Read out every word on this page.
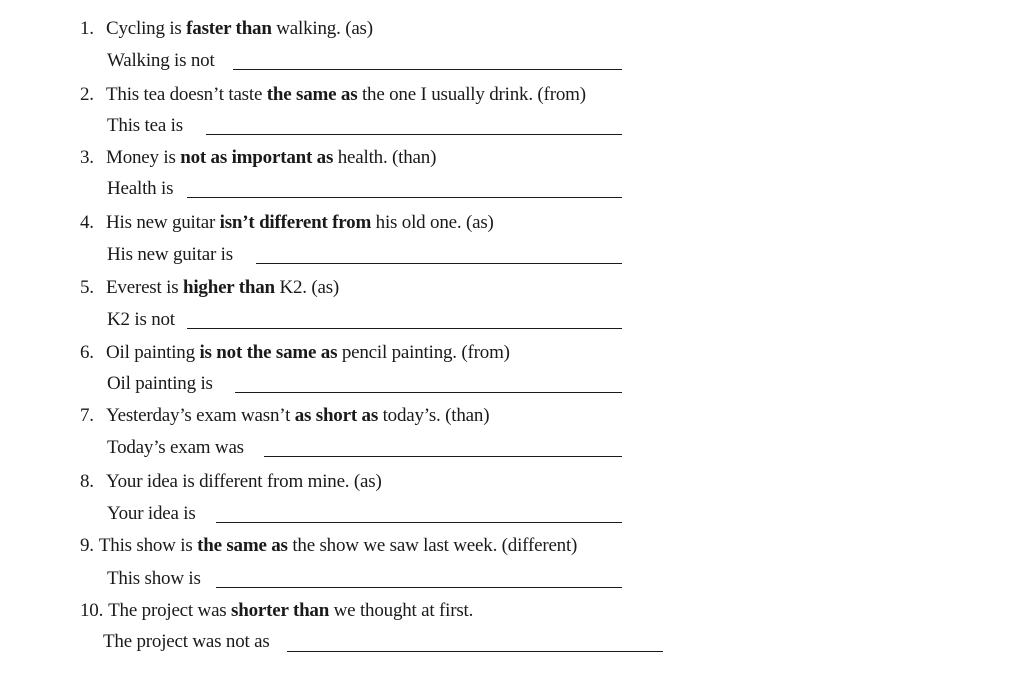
1. Cycling is faster than walking. (as)
Walking is not
2. This tea doesn’t taste the same as the one I usually drink. (from)
This tea is
3. Money is not as important as health. (than)
Health is
4. His new guitar isn’t different from his old one. (as)
His new guitar is
5. Everest is higher than K2. (as)
K2 is not
6. Oil painting is not the same as pencil painting. (from)
Oil painting is
7. Yesterday’s exam wasn’t as short as today’s. (than)
Today’s exam was
8. Your idea is different from mine. (as)
Your idea is
9. This show is the same as the show we saw last week. (different)
This show is
10. The project was shorter than we thought at first.
The project was not as
